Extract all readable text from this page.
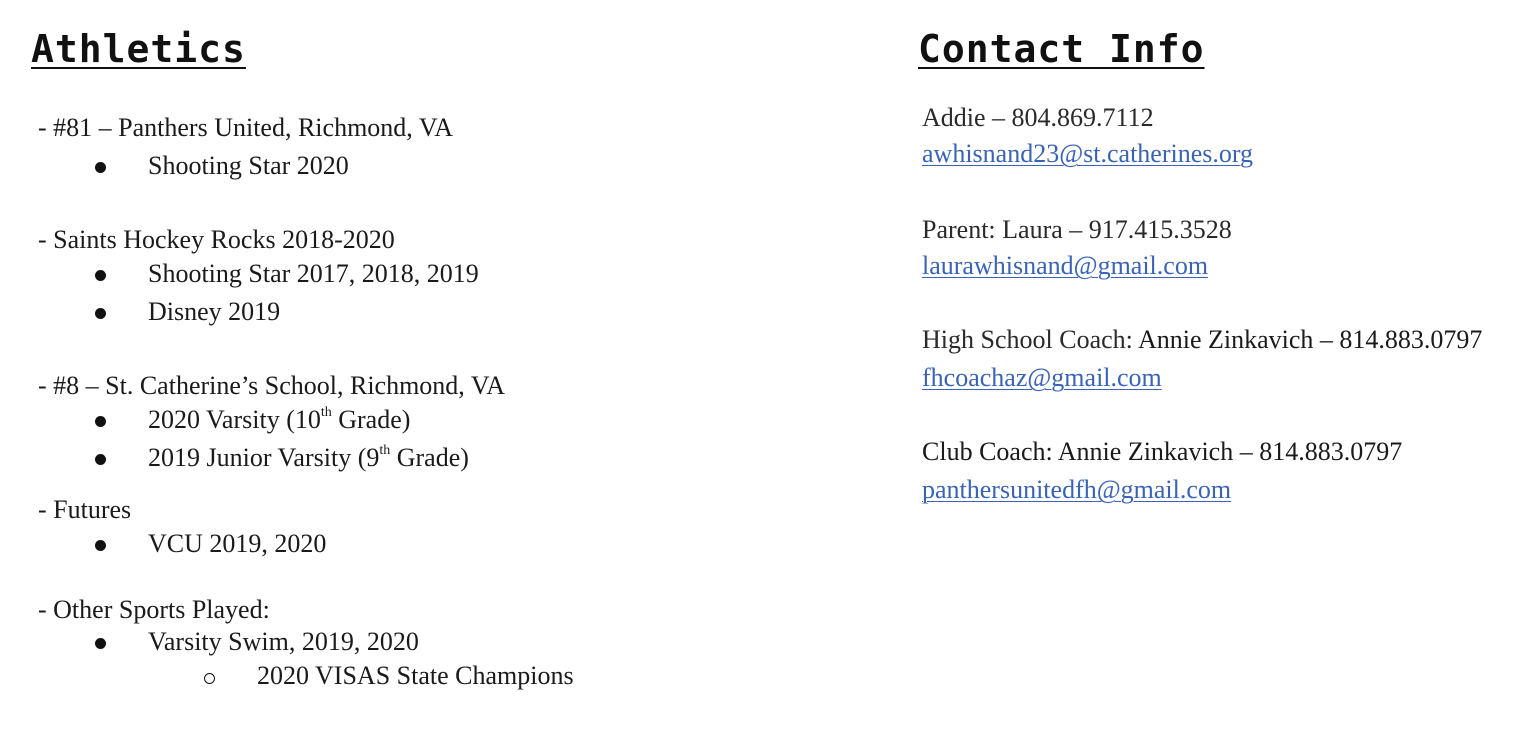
Athletics
- #81 – Panthers United, Richmond, VA
Shooting Star 2020
- Saints Hockey Rocks 2018-2020
Shooting Star 2017, 2018, 2019
Disney 2019
- #8 – St. Catherine’s School, Richmond, VA
2020 Varsity (10th Grade)
2019 Junior Varsity (9th Grade)
- Futures
VCU 2019, 2020
- Other Sports Played:
Varsity Swim, 2019, 2020
2020 VISAS State Champions
Contact Info
Addie – 804.869.7112
awhisnand23@st.catherines.org
Parent: Laura – 917.415.3528
laurawhisnand@gmail.com
High School Coach: Annie Zinkavich – 814.883.0797
fhcoachaz@gmail.com
Club Coach: Annie Zinkavich – 814.883.0797
panthersunitedfh@gmail.com
